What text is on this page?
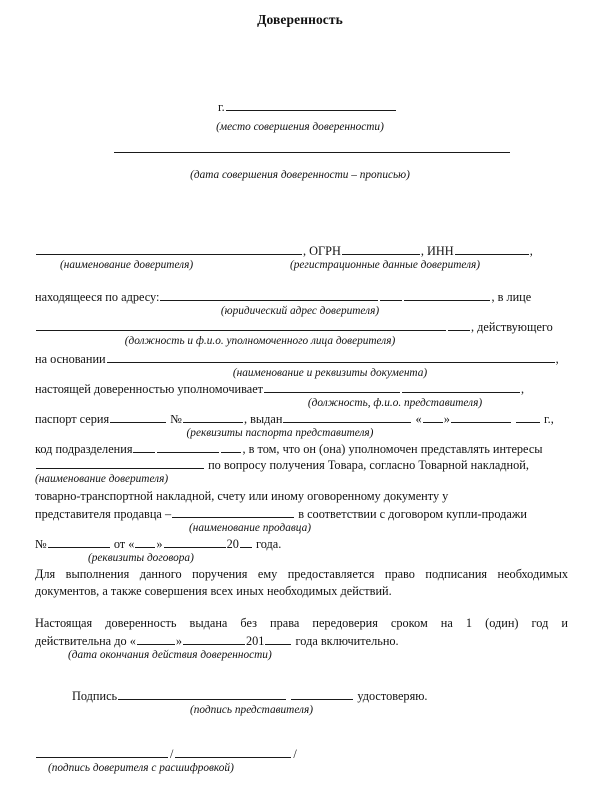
Доверенность
г.
(место совершения доверенности)
(дата совершения доверенности – прописью)
, ОГРН	, ИНН	,
(наименование доверителя)	(регистрационные данные доверителя)
находящееся по адресу:	, в лице
(юридический адрес доверителя)
, действующего
(должность и ф.и.о. уполномоченного лица доверителя)
на основании	,
(наименование и реквизиты документа)
настоящей доверенностью уполномочивает	,
(должность, ф.и.о. представителя)
паспорт серия	№	, выдан	« »	г.,
(реквизиты паспорта представителя)
код подразделения	, в том, что он (она) уполномочен представлять интересы
по вопросу получения Товара, согласно Товарной накладной,
(наименование доверителя)
товарно-транспортной накладной, счету или иному оговоренному документу у
представителя продавца –	в соответствии с договором купли-продажи
(наименование продавца)
№	от « »	20 года.
(реквизиты договора)
Для выполнения данного поручения ему предоставляется право подписания необходимых документов, а также совершения всех иных необходимых действий.
Настоящая доверенность выдана без права передоверия сроком на 1 (один) год и
действительна до «	»	201	года включительно.
(дата окончания действия доверенности)
Подпись	удостоверяю.
(подпись представителя)
/	/
(подпись доверителя с расшифровкой)
